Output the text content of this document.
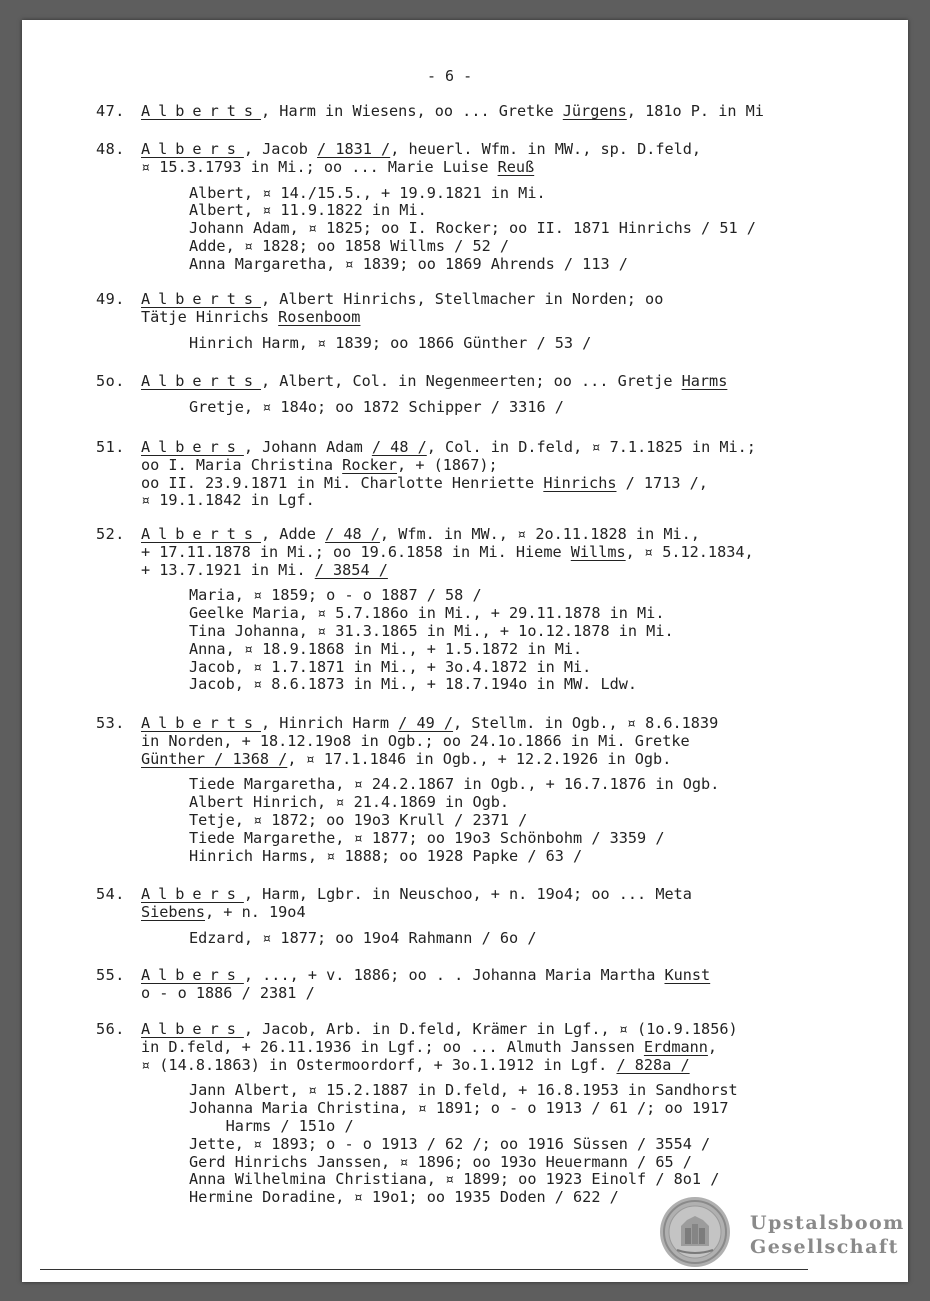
- 6 -
47. Alberts, Harm in Wiesens, oo ... Gretke Jürgens, 181o P. in Mi
48. Albers, Jacob / 1831 /, heuerl. Wfm. in MW., sp. D.feld,
¤ 15.3.1793 in Mi.; oo ... Marie Luise Reuß
Albert, ¤ 14./15.5., + 19.9.1821 in Mi.
Albert, ¤ 11.9.1822 in Mi.
Johann Adam, ¤ 1825; oo I. Rocker; oo II. 1871 Hinrichs / 51 /
Adde, ¤ 1828; oo 1858 Willms / 52 /
Anna Margaretha, ¤ 1839; oo 1869 Ahrends / 113 /
49. Alberts, Albert Hinrichs, Stellmacher in Norden; oo
Tätje Hinrichs Rosenboom
Hinrich Harm, ¤ 1839; oo 1866 Günther / 53 /
5o. Alberts, Albert, Col. in Negenmeerten; oo ... Gretje Harms
Gretje, ¤ 184o; oo 1872 Schipper / 3316 /
51. Albers, Johann Adam / 48 /, Col. in D.feld, ¤ 7.1.1825 in Mi.;
oo I. Maria Christina Rocker, + (1867);
oo II. 23.9.1871 in Mi. Charlotte Henriette Hinrichs / 1713 /,
¤ 19.1.1842 in Lgf.
52. Alberts, Adde / 48 /, Wfm. in MW., ¤ 2o.11.1828 in Mi.,
+ 17.11.1878 in Mi.; oo 19.6.1858 in Mi. Hieme Willms, ¤ 5.12.1834,
+ 13.7.1921 in Mi. / 3854 /
Maria, ¤ 1859; o - o 1887 / 58 /
Geelke Maria, ¤ 5.7.186o in Mi., + 29.11.1878 in Mi.
Tina Johanna, ¤ 31.3.1865 in Mi., + 1o.12.1878 in Mi.
Anna, ¤ 18.9.1868 in Mi., + 1.5.1872 in Mi.
Jacob, ¤ 1.7.1871 in Mi., + 3o.4.1872 in Mi.
Jacob, ¤ 8.6.1873 in Mi., + 18.7.194o in MW. Ldw.
53. Alberts, Hinrich Harm / 49 /, Stellm. in Ogb., ¤ 8.6.1839
in Norden, + 18.12.19o8 in Ogb.; oo 24.1o.1866 in Mi. Gretke
Günther / 1368 /, ¤ 17.1.1846 in Ogb., + 12.2.1926 in Ogb.
Tiede Margaretha, ¤ 24.2.1867 in Ogb., + 16.7.1876 in Ogb.
Albert Hinrich, ¤ 21.4.1869 in Ogb.
Tetje, ¤ 1872; oo 19o3 Krull / 2371 /
Tiede Margarethe, ¤ 1877; oo 19o3 Schönbohm / 3359 /
Hinrich Harms, ¤ 1888; oo 1928 Papke / 63 /
54. Albers, Harm, Lgbr. in Neuschoo, + n. 19o4; oo ... Meta
Siebens, + n. 19o4
Edzard, ¤ 1877; oo 19o4 Rahmann / 6o /
55. Albers, ..., + v. 1886; oo . . Johanna Maria Martha Kunst
o - o 1886 / 2381 /
56. Albers, Jacob, Arb. in D.feld, Krämer in Lgf., ¤ (1o.9.1856)
in D.feld, + 26.11.1936 in Lgf.; oo ... Almuth Janssen Erdmann,
¤ (14.8.1863) in Ostermoordorf, + 3o.1.1912 in Lgf. / 828a /
Jann Albert, ¤ 15.2.1887 in D.feld, + 16.8.1953 in Sandhorst
Johanna Maria Christina, ¤ 1891; o - o 1913 / 61 /; oo 1917
Harms / 151o /
Jette, ¤ 1893; o - o 1913 / 62 /; oo 1916 Süssen / 3554 /
Gerd Hinrichs Janssen, ¤ 1896; oo 193o Heuermann / 65 /
Anna Wilhelmina Christiana, ¤ 1899; oo 1923 Einolf / 8o1 /
Hermine Doradine, ¤ 19o1; oo 1935 Doden / 622 /
Upstalsboom
Gesellschaft
